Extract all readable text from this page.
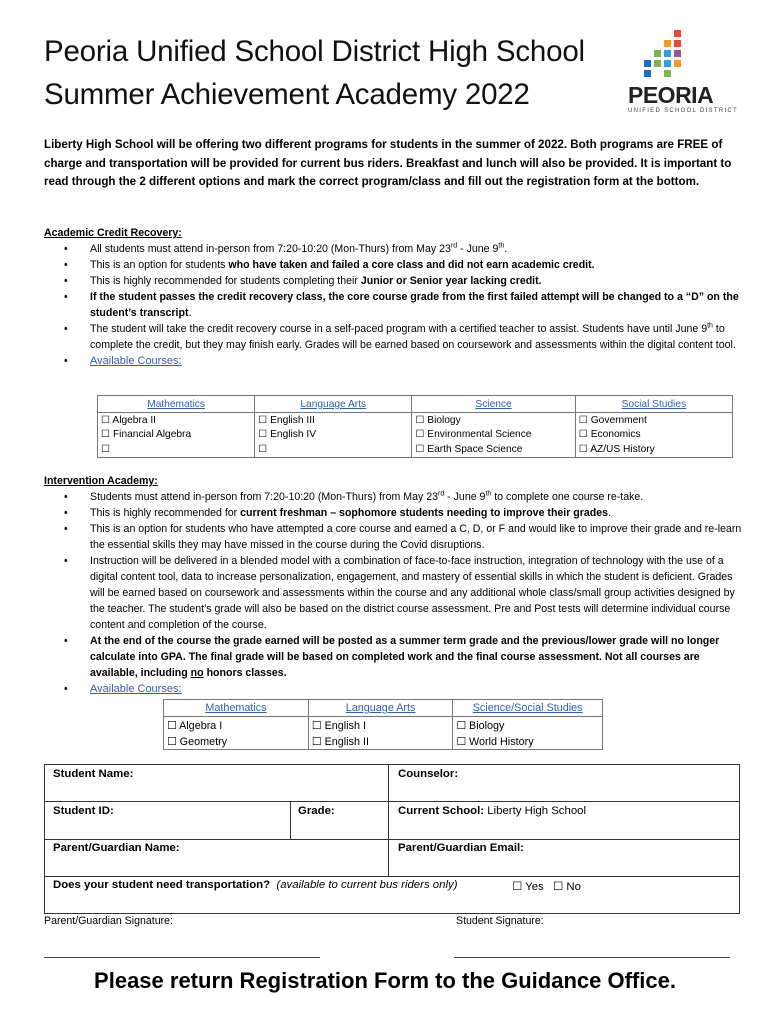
Peoria Unified School District High School
Summer Achievement Academy 2022	PEORIA
UNIFIED SCHOOL DISTRICT
Liberty High School will be offering two different programs for students in the summer of 2022. Both programs are FREE of charge and transportation will be provided for current bus riders. Breakfast and lunch will also be provided. It is important to read through the 2 different options and mark the correct program/class and fill out the registration form at the bottom.
Academic Credit Recovery:
• All students must attend in-person from 7:20-10:20 (Mon-Thurs) from May 23rd - June 9th.
• This is an option for students who have taken and failed a core class and did not earn academic credit.
• This is highly recommended for students completing their Junior or Senior year lacking credit.
• If the student passes the credit recovery class, the core course grade from the first failed attempt will be changed to a “D” on the student’s transcript.
• The student will take the credit recovery course in a self-paced program with a certified teacher to assist. Students have until June 9th to complete the credit, but they may finish early. Grades will be earned based on coursework and assessments within the digital content tool.
• Available Courses:
Mathematics	Language Arts	Science	Social Studies
☐ Algebra II	☐ English III	☐ Biology	☐ Government
☐ Financial Algebra	☐ English IV	☐ Environmental Science	☐ Economics
☐	☐	☐ Earth Space Science	☐ AZ/US History
Intervention Academy:
• Students must attend in-person from 7:20-10:20 (Mon-Thurs) from May 23rd - June 9th to complete one course re-take.
• This is highly recommended for current freshman – sophomore students needing to improve their grades.
• This is an option for students who have attempted a core course and earned a C, D, or F and would like to improve their grade and re-learn the essential skills they may have missed in the course during the Covid disruptions.
• Instruction will be delivered in a blended model with a combination of face-to-face instruction, integration of technology with the use of a digital content tool, data to increase personalization, engagement, and mastery of essential skills in which the student is deficient. Grades will be earned based on coursework and assessments within the course and any additional whole class/small group activities designed by the teacher. The student’s grade will also be based on the district course assessment. Pre and Post tests will determine individual course content and completion of the course.
• At the end of the course the grade earned will be posted as a summer term grade and the previous/lower grade will no longer calculate into GPA. The final grade will be based on completed work and the final course assessment. Not all courses are available, including no honors classes.
• Available Courses:
Mathematics	Language Arts	Science/Social Studies
☐ Algebra I	☐ English I	☐ Biology
☐ Geometry	☐ English II	☐ World History
Student Name:	Counselor:
Student ID:	Grade:	Current School: Liberty High School
Parent/Guardian Name:	Parent/Guardian Email:
Does your student need transportation? (available to current bus riders only)	☐ Yes ☐ No
Parent/Guardian Signature:	Student Signature:
Please return Registration Form to the Guidance Office.
